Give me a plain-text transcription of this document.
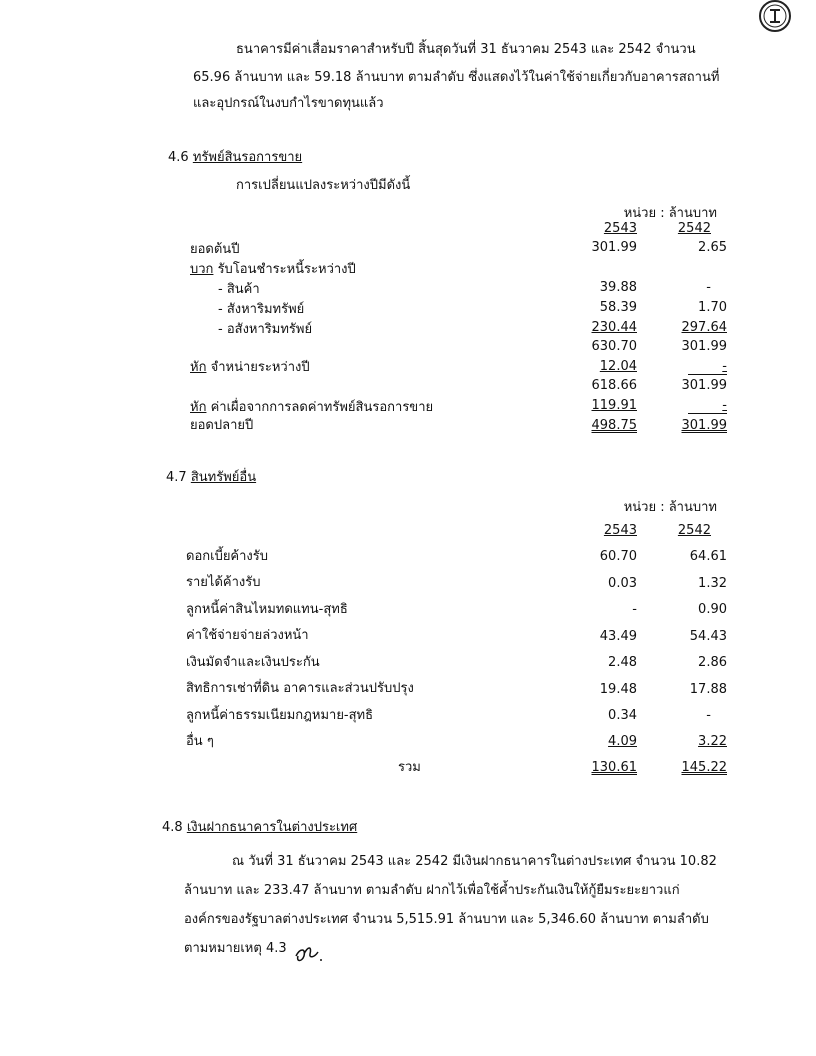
ธนาคารมีค่าเสื่อมราคาสำหรับปี สิ้นสุดวันที่ 31 ธันวาคม 2543 และ 2542 จำนวน
65.96 ล้านบาท และ 59.18 ล้านบาท ตามลำดับ ซึ่งแสดงไว้ในค่าใช้จ่ายเกี่ยวกับอาคารสถานที่
และอุปกรณ์ในงบกำไรขาดทุนแล้ว
4.6 ทรัพย์สินรอการขาย
การเปลี่ยนแปลงระหว่างปีมีดังนี้
หน่วย : ล้านบาท
2543	2542
ยอดต้นปี	301.99	2.65
บวก รับโอนชำระหนี้ระหว่างปี
- สินค้า	39.88	-
- สังหาริมทรัพย์	58.39	1.70
- อสังหาริมทรัพย์	230.44	297.64
630.70	301.99
หัก จำหน่ายระหว่างปี	12.04	-
618.66	301.99
หัก ค่าเผื่อจากการลดค่าทรัพย์สินรอการขาย	119.91	-
ยอดปลายปี	498.75	301.99
4.7 สินทรัพย์อื่น
หน่วย : ล้านบาท
2543	2542
ดอกเบี้ยค้างรับ	60.70	64.61
รายได้ค้างรับ	0.03	1.32
ลูกหนี้ค่าสินไหมทดแทน-สุทธิ	-	0.90
ค่าใช้จ่ายจ่ายล่วงหน้า	43.49	54.43
เงินมัดจำและเงินประกัน	2.48	2.86
สิทธิการเช่าที่ดิน อาคารและส่วนปรับปรุง	19.48	17.88
ลูกหนี้ค่าธรรมเนียมกฎหมาย-สุทธิ	0.34	-
อื่น ๆ	4.09	3.22
รวม	130.61	145.22
4.8 เงินฝากธนาคารในต่างประเทศ
ณ วันที่ 31 ธันวาคม 2543 และ 2542 มีเงินฝากธนาคารในต่างประเทศ จำนวน 10.82
ล้านบาท และ 233.47 ล้านบาท ตามลำดับ ฝากไว้เพื่อใช้ค้ำประกันเงินให้กู้ยืมระยะยาวแก่
องค์กรของรัฐบาลต่างประเทศ จำนวน 5,515.91 ล้านบาท และ 5,346.60 ล้านบาท ตามลำดับ
ตามหมายเหตุ 4.3
